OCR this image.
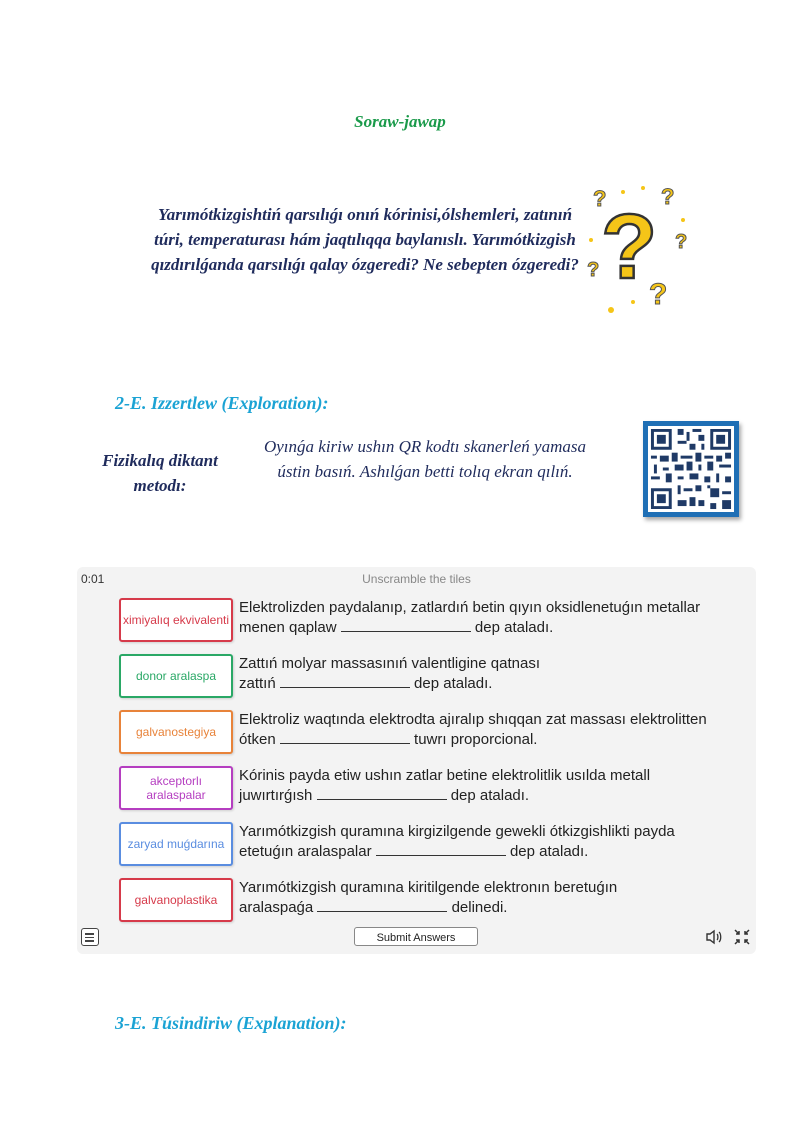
Soraw-jawap
Yarımótkizgishtiń qarsılıǵı onıń kórinisi,ólshemleri, zatınıń túri, temperaturası hám jaqtılıqqa baylanıslı. Yarımótkizgish qızdırılǵanda qarsılıǵı qalay ózgeredi? Ne sebepten ózgeredi? ?
? ?
?
?
?
2-E. Izzertlew (Exploration):
Fizikalıq diktant metodı:
Oyınǵa kiriw ushın QR kodtı skanerleń yamasa ústin basıń. Ashılǵan betti tolıq ekran qılıń.
0:01	Unscramble the tiles
ximiyalıq ekvivalenti
Elektrolizden paydalanıp, zatlardıń betin qıyın oksidlenetuǵın metallar menen qaplaw	dep ataladı.
donor aralaspa
Zattıń molyar massasınıń valentligine qatnası zattıń	dep ataladı.
galvanostegiya
Elektroliz waqtında elektrodta ajıralıp shıqqan zat massası elektrolitten ótken	tuwrı proporcional.
akceptorlı aralaspalar
Kórinis payda etiw ushın zatlar betine elektrolitlik usılda metall juwırtırǵısh	dep ataladı.
zaryad muǵdarına
Yarımótkizgish quramına kirgizilgende gewekli ótkizgishlikti payda etetuǵın aralaspalar	dep ataladı.
galvanoplastika
Yarımótkizgish quramına kiritilgende elektronın beretuǵın aralaspaǵa	delinedi.
Submit Answers
3-E. Túsindiriw (Explanation):
